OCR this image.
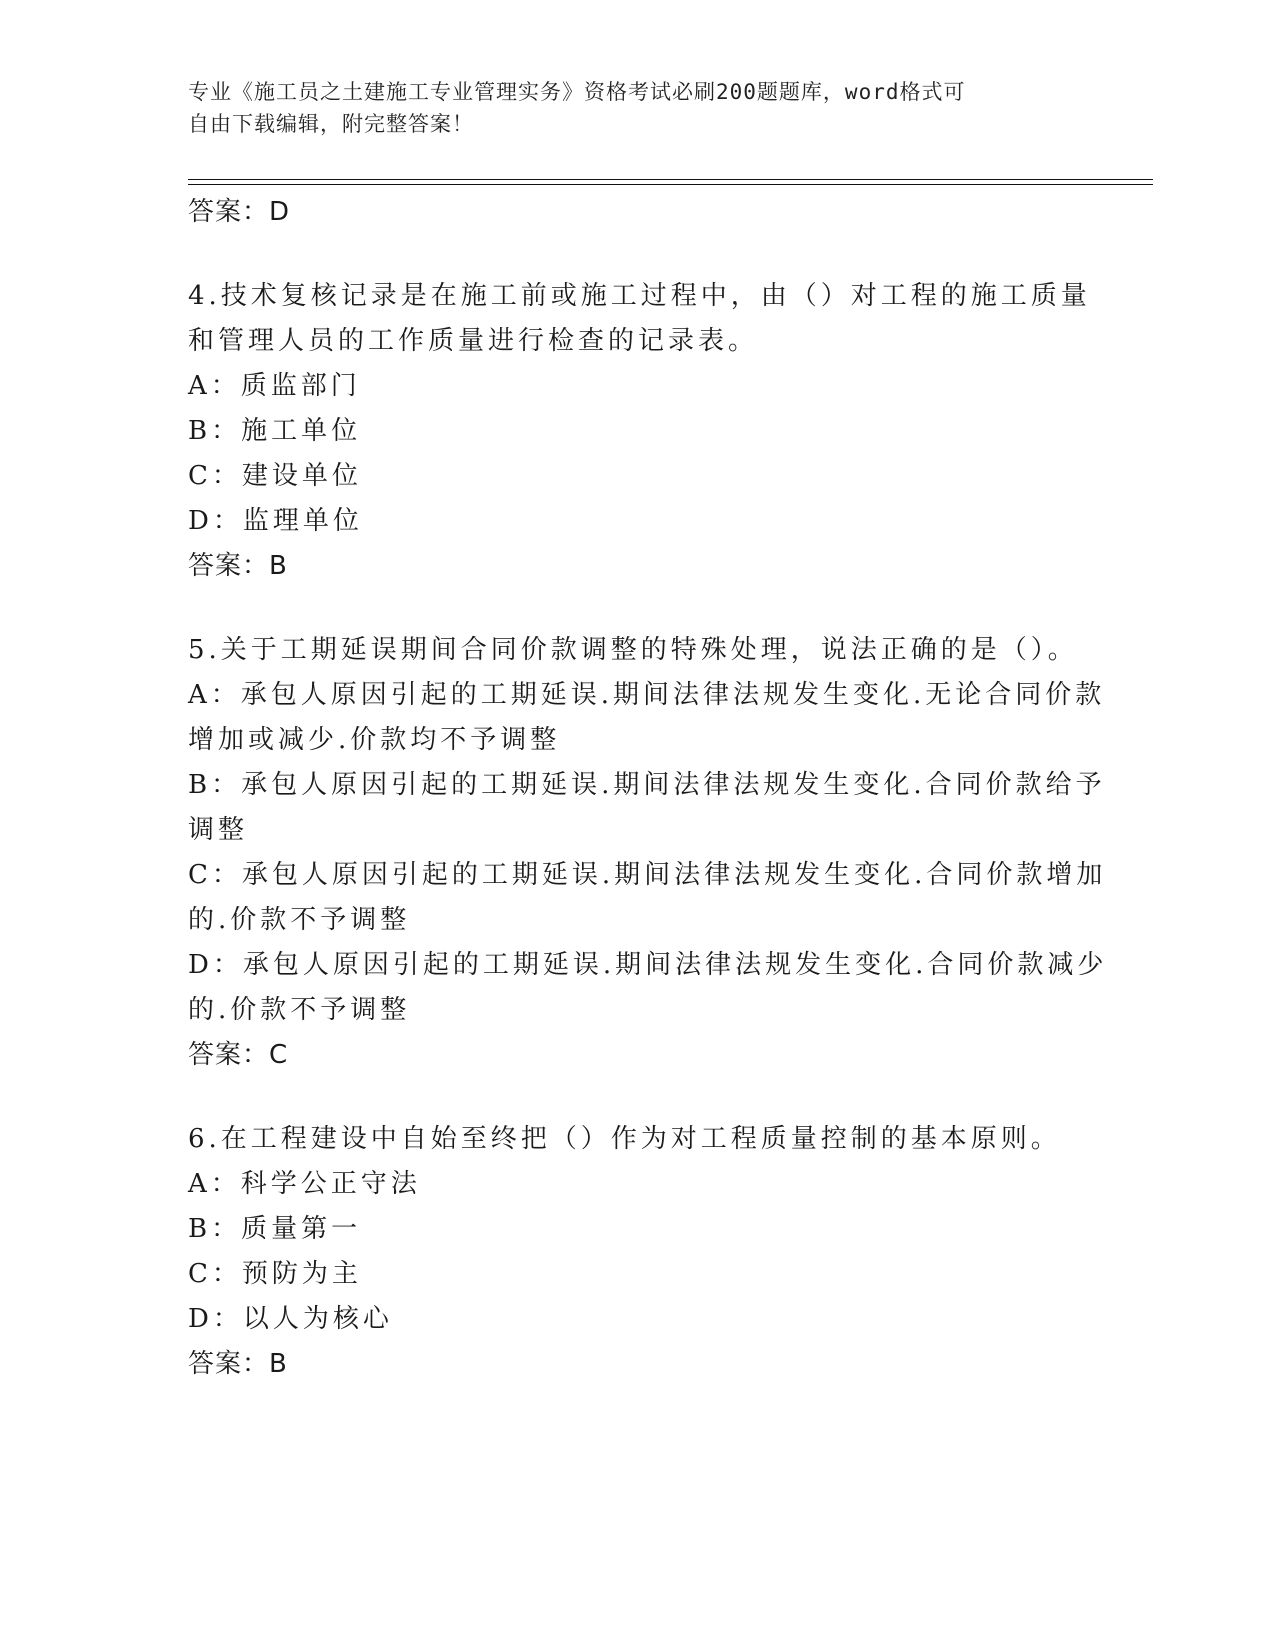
专业《施工员之土建施工专业管理实务》资格考试必刷200题题库，word格式可
自由下载编辑，附完整答案！

答案：D

4.技术复核记录是在施工前或施工过程中，由（）对工程的施工质量

和管理人员的工作质量进行检查的记录表。

A：质监部门

B：施工单位

C：建设单位

D：监理单位

答案：B

5.关于工期延误期间合同价款调整的特殊处理，说法正确的是（）。

A：承包人原因引起的工期延误.期间法律法规发生变化.无论合同价款

增加或减少.价款均不予调整

B：承包人原因引起的工期延误.期间法律法规发生变化.合同价款给予

调整

C：承包人原因引起的工期延误.期间法律法规发生变化.合同价款增加

的.价款不予调整

D：承包人原因引起的工期延误.期间法律法规发生变化.合同价款减少

的.价款不予调整

答案：C

6.在工程建设中自始至终把（）作为对工程质量控制的基本原则。

A：科学公正守法

B：质量第一

C：预防为主

D：以人为核心

答案：B
